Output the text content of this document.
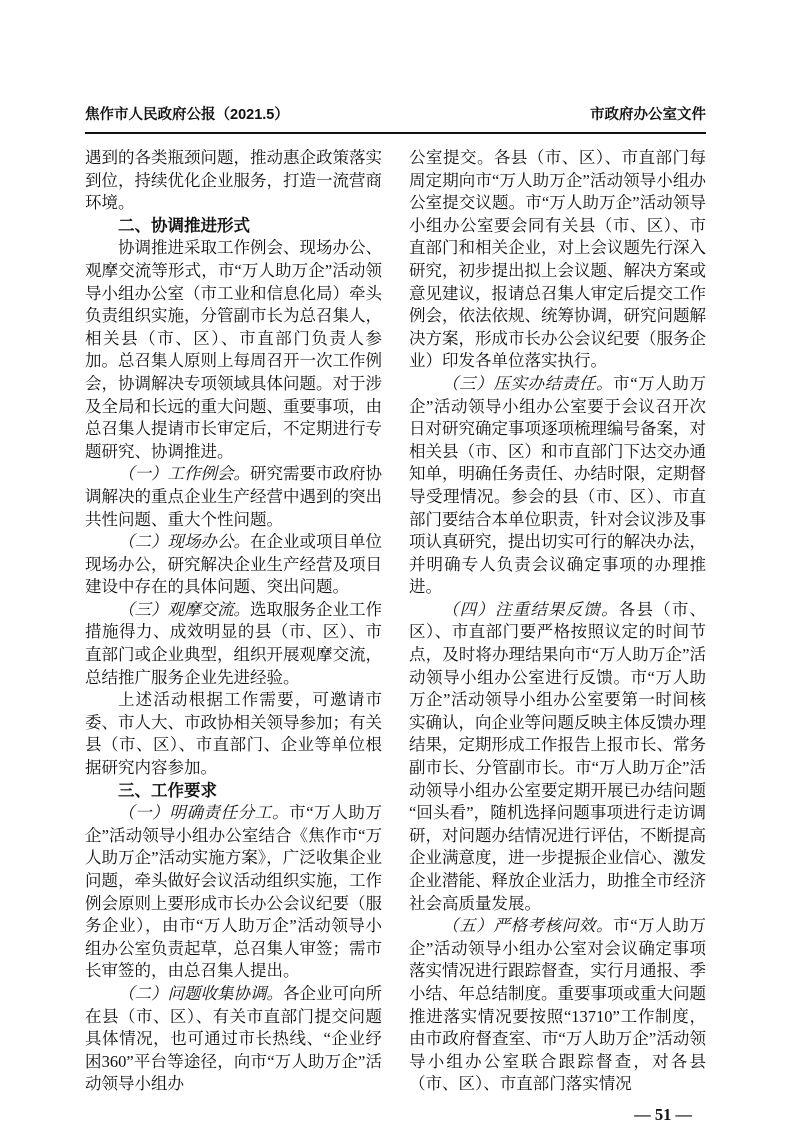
焦作市人民政府公报（2021.5）	市政府办公室文件

遇到的各类瓶颈问题，推动惠企政策落实到位，持续优化企业服务，打造一流营商环境。

二、协调推进形式

协调推进采取工作例会、现场办公、观摩交流等形式，市“万人助万企”活动领导小组办公室（市工业和信息化局）牵头负责组织实施，分管副市长为总召集人，相关县（市、区）、市直部门负责人参加。总召集人原则上每周召开一次工作例会，协调解决专项领域具体问题。对于涉及全局和长远的重大问题、重要事项，由总召集人提请市长审定后，不定期进行专题研究、协调推进。

（一）工作例会。研究需要市政府协调解决的重点企业生产经营中遇到的突出共性问题、重大个性问题。

（二）现场办公。在企业或项目单位现场办公，研究解决企业生产经营及项目建设中存在的具体问题、突出问题。

（三）观摩交流。选取服务企业工作措施得力、成效明显的县（市、区）、市直部门或企业典型，组织开展观摩交流，总结推广服务企业先进经验。

上述活动根据工作需要，可邀请市委、市人大、市政协相关领导参加；有关县（市、区）、市直部门、企业等单位根据研究内容参加。

三、工作要求

（一）明确责任分工。市“万人助万企”活动领导小组办公室结合《焦作市“万人助万企”活动实施方案》，广泛收集企业问题，牵头做好会议活动组织实施，工作例会原则上要形成市长办公会议纪要（服务企业），由市“万人助万企”活动领导小组办公室负责起草，总召集人审签；需市长审签的，由总召集人提出。

（二）问题收集协调。各企业可向所在县（市、区）、有关市直部门提交问题具体情况，也可通过市长热线、“企业纾困360”平台等途径，向市“万人助万企”活动领导小组办

公室提交。各县（市、区）、市直部门每周定期向市“万人助万企”活动领导小组办公室提交议题。市“万人助万企”活动领导小组办公室要会同有关县（市、区）、市直部门和相关企业，对上会议题先行深入研究，初步提出拟上会议题、解决方案或意见建议，报请总召集人审定后提交工作例会，依法依规、统筹协调，研究问题解决方案，形成市长办公会议纪要（服务企业）印发各单位落实执行。

（三）压实办结责任。市“万人助万企”活动领导小组办公室要于会议召开次日对研究确定事项逐项梳理编号备案，对相关县（市、区）和市直部门下达交办通知单，明确任务责任、办结时限，定期督导受理情况。参会的县（市、区）、市直部门要结合本单位职责，针对会议涉及事项认真研究，提出切实可行的解决办法，并明确专人负责会议确定事项的办理推进。

（四）注重结果反馈。各县（市、区）、市直部门要严格按照议定的时间节点，及时将办理结果向市“万人助万企”活动领导小组办公室进行反馈。市“万人助万企”活动领导小组办公室要第一时间核实确认，向企业等问题反映主体反馈办理结果，定期形成工作报告上报市长、常务副市长、分管副市长。市“万人助万企”活动领导小组办公室要定期开展已办结问题“回头看”，随机选择问题事项进行走访调研，对问题办结情况进行评估，不断提高企业满意度，进一步提振企业信心、激发企业潜能、释放企业活力，助推全市经济社会高质量发展。

（五）严格考核问效。市“万人助万企”活动领导小组办公室对会议确定事项落实情况进行跟踪督查，实行月通报、季小结、年总结制度。重要事项或重大问题推进落实情况要按照“13710”工作制度，由市政府督查室、市“万人助万企”活动领导小组办公室联合跟踪督查，对各县（市、区）、市直部门落实情况

— 51 —
